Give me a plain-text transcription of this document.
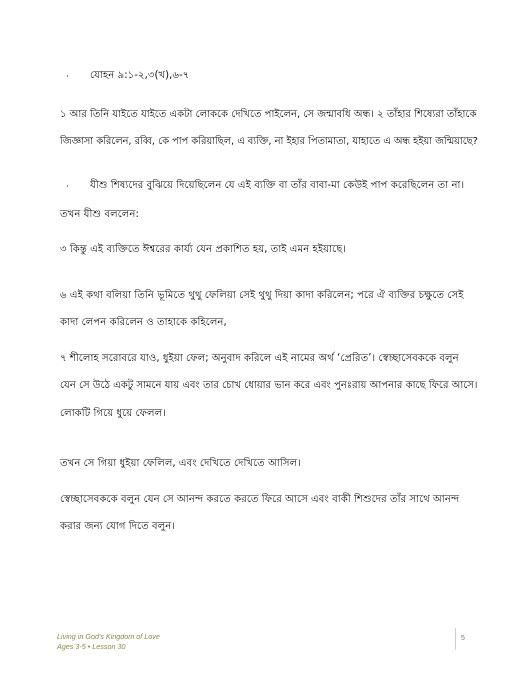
· যোহন ৯:১-২,৩(খ),৬-৭
১ আর তিনি যাইতে যাইতে একটা লোককে দেখিতে পাইলেন, সে জন্মাবধি অন্ধ। ২ তাঁহার শিষ্যেরা তাঁহাকে
জিজ্ঞাসা করিলেন, রব্বি, কে পাপ করিয়াছিল, এ ব্যক্তি, না ইহার পিতামাতা, যাহাতে এ অন্ধ হইয়া জন্মিয়াছে?
· যীশু শিষ্যদের বুঝিয়ে দিয়েছিলেন যে এই ব্যক্তি বা তাঁর বাবা-মা কেউই পাপ করেছিলেন তা না।
তখন যীশু বললেন:
৩ কিন্তু এই ব্যক্তিতে ঈশ্বরের কার্য্য যেন প্রকাশিত হয়, তাই এমন হইয়াছে।
৬ এই কথা বলিয়া তিনি ভূমিতে থুথু ফেলিয়া সেই থুথু দিয়া কাদা করিলেন; পরে ঐ ব্যক্তির চক্ষুতে সেই
কাদা লেপন করিলেন ও তাহাকে কহিলেন,
৭ শীলোহ সরোবরে যাও, ধুইয়া ফেল; অনুবাদ করিলে এই নামের অর্থ ‘প্রেরিত’। স্বেচ্ছাসেবককে বলুন
যেন সে উঠে একটু সামনে যায় এবং তার চোখ ধোয়ার ভান করে এবং পুনঃরায় আপনার কাছে ফিরে আসে।
লোকটি গিয়ে ধুয়ে ফেলল।
তখন সে গিয়া ধুইয়া ফেলিল, এবং দেখিতে দেখিতে আসিল।
স্বেচ্ছাসেবককে বলুন যেন সে আনন্দ করতে করতে ফিরে আসে এবং বাকী শিশুদের তাঁর সাথে আনন্দ
করার জন্য যোগ দিতে বলুন।
Living in God's Kingdom of Love
Ages 3-5 • Lesson 30
5
